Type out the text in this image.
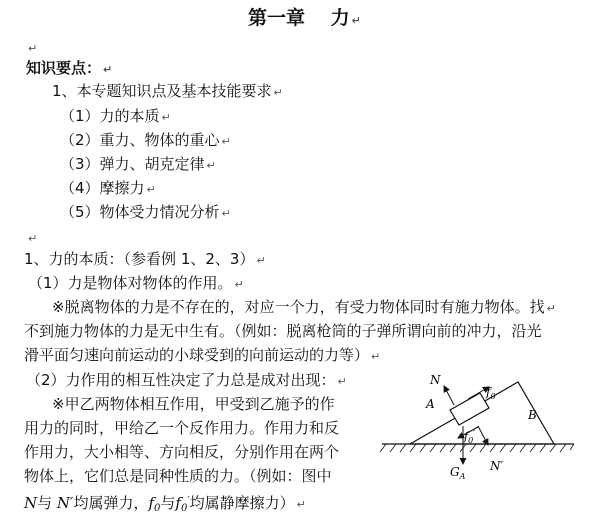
第一章　 力 ↵
↵
知识要点： ↵
1、本专题知识点及基本技能要求 ↵
（1）力的本质 ↵
（2）重力、物体的重心 ↵
（3）弹力、胡克定律 ↵
（4）摩擦力 ↵
（5）物体受力情况分析 ↵
↵
1、力的本质：（参看例 1、2、3） ↵
（1）力是物体对物体的作用。 ↵
※脱离物体的力是不存在的，对应一个力，有受力物体同时有施力物体。找 ↵
不到施力物体的力是无中生有。（例如：脱离枪筒的子弹所谓向前的冲力，沿光
滑平面匀速向前运动的小球受到的向前运动的力等） ↵
（2）力作用的相互性决定了力总是成对出现： ↵
※甲乙两物体相互作用，甲受到乙施予的作
用力的同时，甲给乙一个反作用力。作用力和反
作用力，大小相等、方向相反，分别作用在两个
物体上，它们总是同种性质的力。（例如：图中
N与 N′均属弹力，$f_0$与$f_0'$均属静摩擦力） ↵
N
$f_0$
A
B
$f_0'$
N′
$G_A$
